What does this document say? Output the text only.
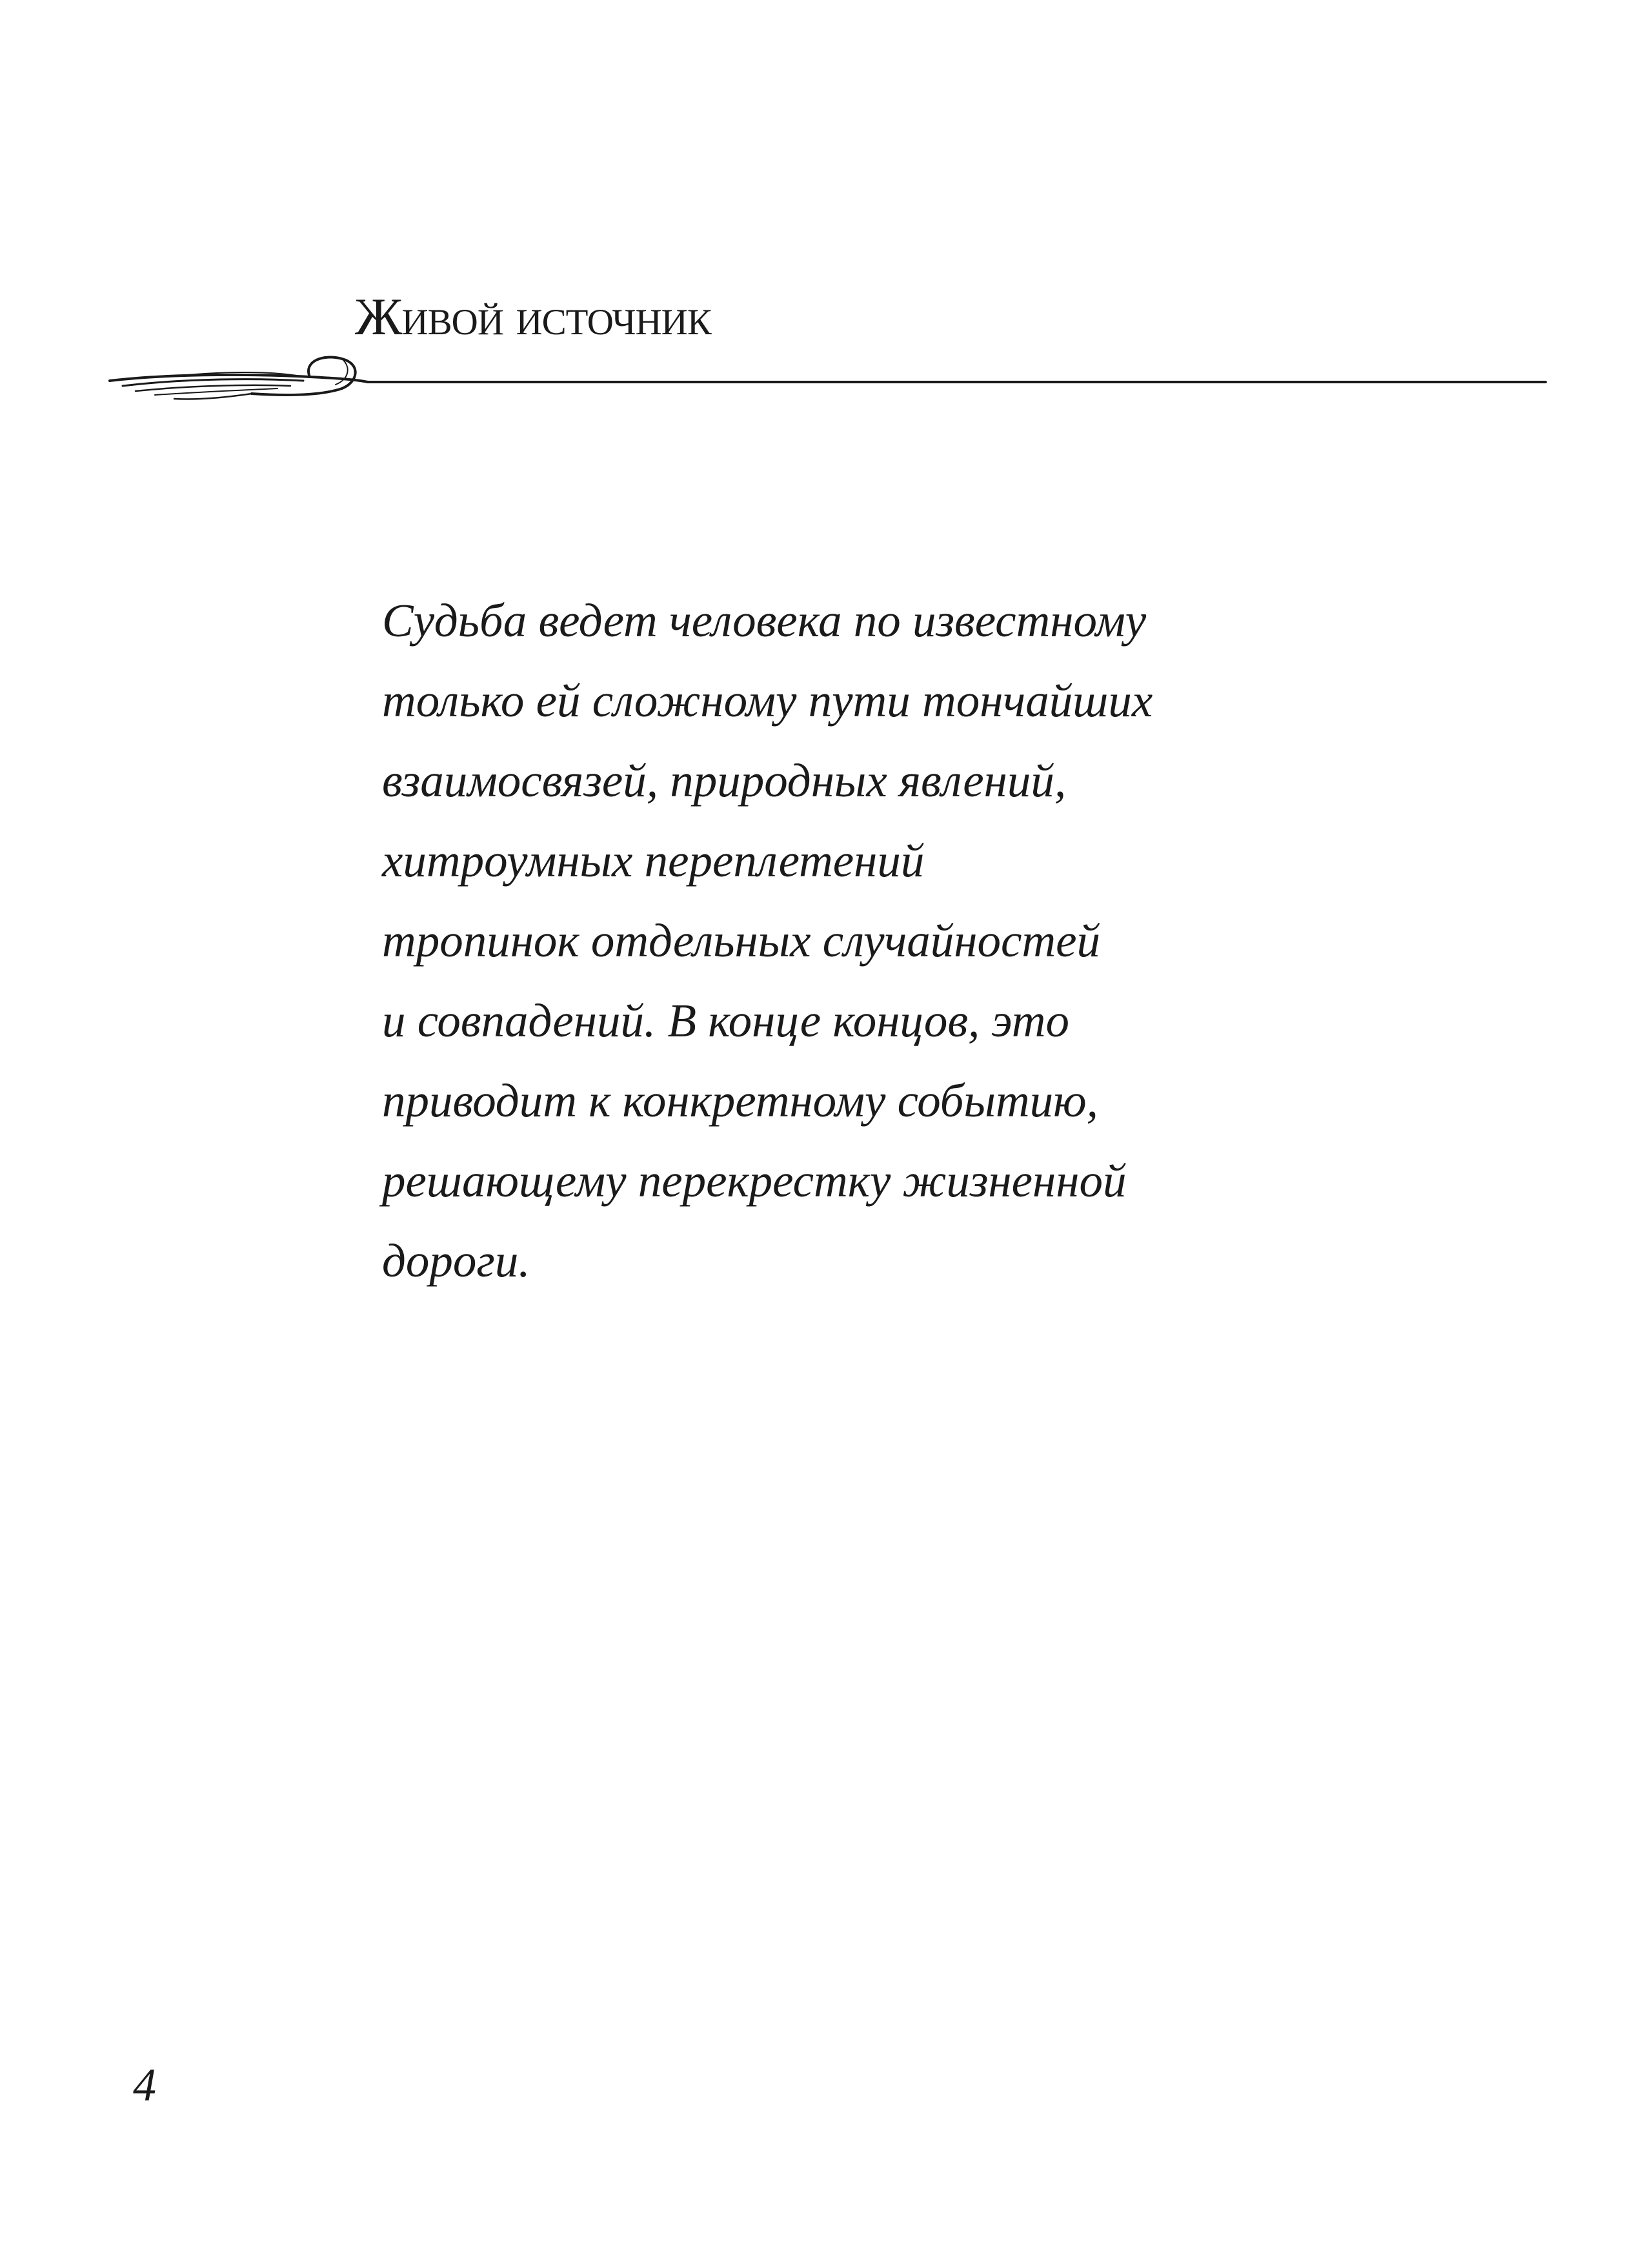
Живой источник
Судьба ведет человека по известному
только ей сложному пути тончайших
взаимосвязей, природных явлений,
хитроумных переплетений
тропинок отдельных случайностей
и совпадений. В конце концов, это
приводит к конкретному событию,
решающему перекрестку жизненной
дороги.
4
